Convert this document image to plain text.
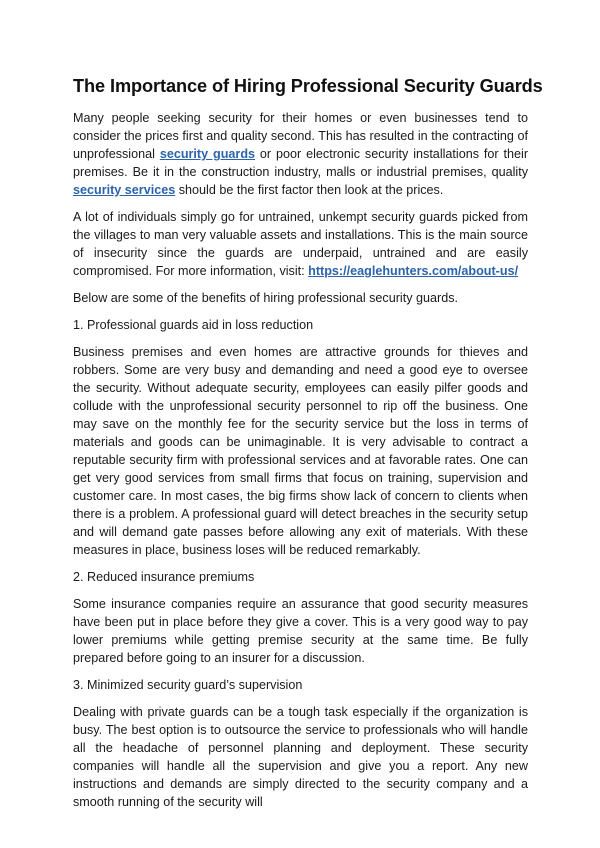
The Importance of Hiring Professional Security Guards

Many people seeking security for their homes or even businesses tend to consider the prices first and quality second. This has resulted in the contracting of unprofessional security guards or poor electronic security installations for their premises. Be it in the construction industry, malls or industrial premises, quality security services should be the first factor then look at the prices.

A lot of individuals simply go for untrained, unkempt security guards picked from the villages to man very valuable assets and installations. This is the main source of insecurity since the guards are underpaid, untrained and are easily compromised. For more information, visit: https://eaglehunters.com/about-us/

Below are some of the benefits of hiring professional security guards.

1. Professional guards aid in loss reduction

Business premises and even homes are attractive grounds for thieves and robbers. Some are very busy and demanding and need a good eye to oversee the security. Without adequate security, employees can easily pilfer goods and collude with the unprofessional security personnel to rip off the business. One may save on the monthly fee for the security service but the loss in terms of materials and goods can be unimaginable. It is very advisable to contract a reputable security firm with professional services and at favorable rates. One can get very good services from small firms that focus on training, supervision and customer care. In most cases, the big firms show lack of concern to clients when there is a problem. A professional guard will detect breaches in the security setup and will demand gate passes before allowing any exit of materials. With these measures in place, business loses will be reduced remarkably.

2. Reduced insurance premiums

Some insurance companies require an assurance that good security measures have been put in place before they give a cover. This is a very good way to pay lower premiums while getting premise security at the same time. Be fully prepared before going to an insurer for a discussion.

3. Minimized security guard’s supervision

Dealing with private guards can be a tough task especially if the organization is busy. The best option is to outsource the service to professionals who will handle all the headache of personnel planning and deployment. These security companies will handle all the supervision and give you a report. Any new instructions and demands are simply directed to the security company and a smooth running of the security will
